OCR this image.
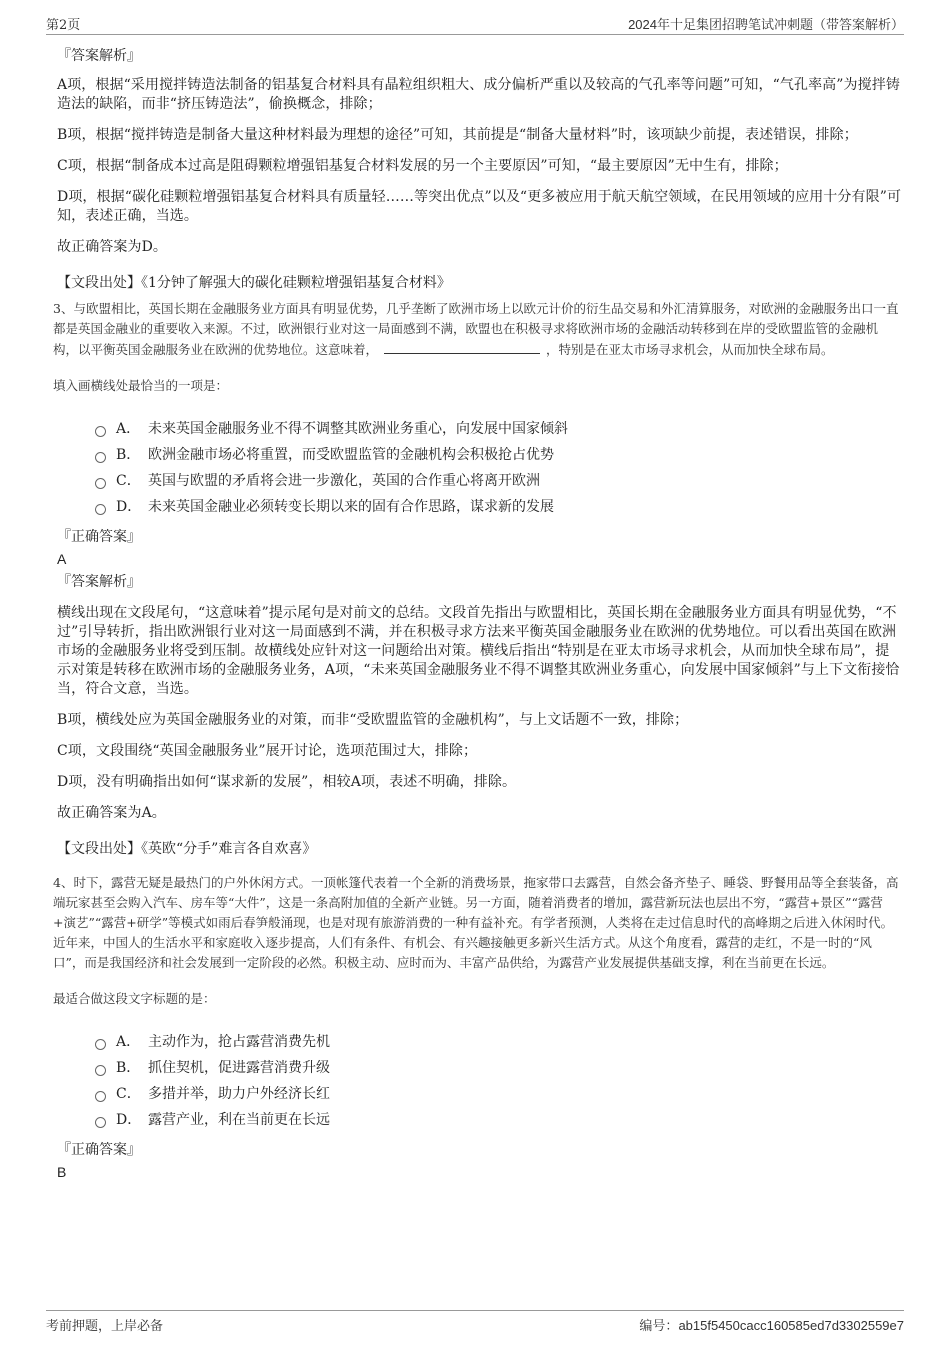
第2页	2024年十足集团招聘笔试冲刺题（带答案解析）
『答案解析』

A项，根据“采用搅拌铸造法制备的铝基复合材料具有晶粒组织粗大、成分偏析严重以及较高的气孔率等问题”可知，“气孔率高”为搅拌铸造法的缺陷，而非“挤压铸造法”，偷换概念，排除；

B项，根据“搅拌铸造是制备大量这种材料最为理想的途径”可知，其前提是“制备大量材料”时，该项缺少前提，表述错误，排除；

C项，根据“制备成本过高是阻碍颗粒增强铝基复合材料发展的另一个主要原因”可知，“最主要原因”无中生有，排除；

D项，根据“碳化硅颗粒增强铝基复合材料具有质量轻……等突出优点”以及“更多被应用于航天航空领域，在民用领域的应用十分有限”可知，表述正确，当选。

故正确答案为D。

【文段出处】《1分钟了解强大的碳化硅颗粒增强铝基复合材料》
3、与欧盟相比，英国长期在金融服务业方面具有明显优势，几乎垄断了欧洲市场上以欧元计价的衍生品交易和外汇清算服务，对欧洲的金融服务出口一直都是英国金融业的重要收入来源。不过，欧洲银行业对这一局面感到不满，欧盟也在积极寻求将欧洲市场的金融活动转移到在岸的受欧盟监管的金融机构，以平衡英国金融服务业在欧洲的优势地位。这意味着，	，特别是在亚太市场寻求机会，从而加快全球布局。
填入画横线处最恰当的一项是：
A． 未来英国金融服务业不得不调整其欧洲业务重心，向发展中国家倾斜
B． 欧洲金融市场必将重置，而受欧盟监管的金融机构会积极抢占优势
C． 英国与欧盟的矛盾将会进一步激化，英国的合作重心将离开欧洲
D． 未来英国金融业必须转变长期以来的固有合作思路，谋求新的发展
『正确答案』
A
『答案解析』

横线出现在文段尾句，“这意味着”提示尾句是对前文的总结。文段首先指出与欧盟相比，英国长期在金融服务业方面具有明显优势，“不过”引导转折，指出欧洲银行业对这一局面感到不满，并在积极寻求方法来平衡英国金融服务业在欧洲的优势地位。可以看出英国在欧洲市场的金融服务业将受到压制。故横线处应针对这一问题给出对策。横线后指出“特别是在亚太市场寻求机会，从而加快全球布局”，提示对策是转移在欧洲市场的金融服务业务，A项，“未来英国金融服务业不得不调整其欧洲业务重心，向发展中国家倾斜”与上下文衔接恰当，符合文意，当选。

B项，横线处应为英国金融服务业的对策，而非“受欧盟监管的金融机构”，与上文话题不一致，排除；

C项，文段围绕“英国金融服务业”展开讨论，选项范围过大，排除；

D项，没有明确指出如何“谋求新的发展”，相较A项，表述不明确，排除。

故正确答案为A。

【文段出处】《英欧“分手”难言各自欢喜》
4、时下，露营无疑是最热门的户外休闲方式。一顶帐篷代表着一个全新的消费场景，拖家带口去露营，自然会备齐垫子、睡袋、野餐用品等全套装备，高端玩家甚至会购入汽车、房车等“大件”，这是一条高附加值的全新产业链。另一方面，随着消费者的增加，露营新玩法也层出不穷，“露营+景区”“露营+演艺”“露营+研学”等模式如雨后春笋般涌现，也是对现有旅游消费的一种有益补充。有学者预测，人类将在走过信息时代的高峰期之后进入休闲时代。近年来，中国人的生活水平和家庭收入逐步提高，人们有条件、有机会、有兴趣接触更多新兴生活方式。从这个角度看，露营的走红，不是一时的“风口”，而是我国经济和社会发展到一定阶段的必然。积极主动、应时而为、丰富产品供给，为露营产业发展提供基础支撑，利在当前更在长远。
最适合做这段文字标题的是：
A． 主动作为，抢占露营消费先机
B． 抓住契机，促进露营消费升级
C． 多措并举，助力户外经济长红
D． 露营产业，利在当前更在长远
『正确答案』
B
考前押题，上岸必备	编号：ab15f5450cacc160585ed7d3302559e7
